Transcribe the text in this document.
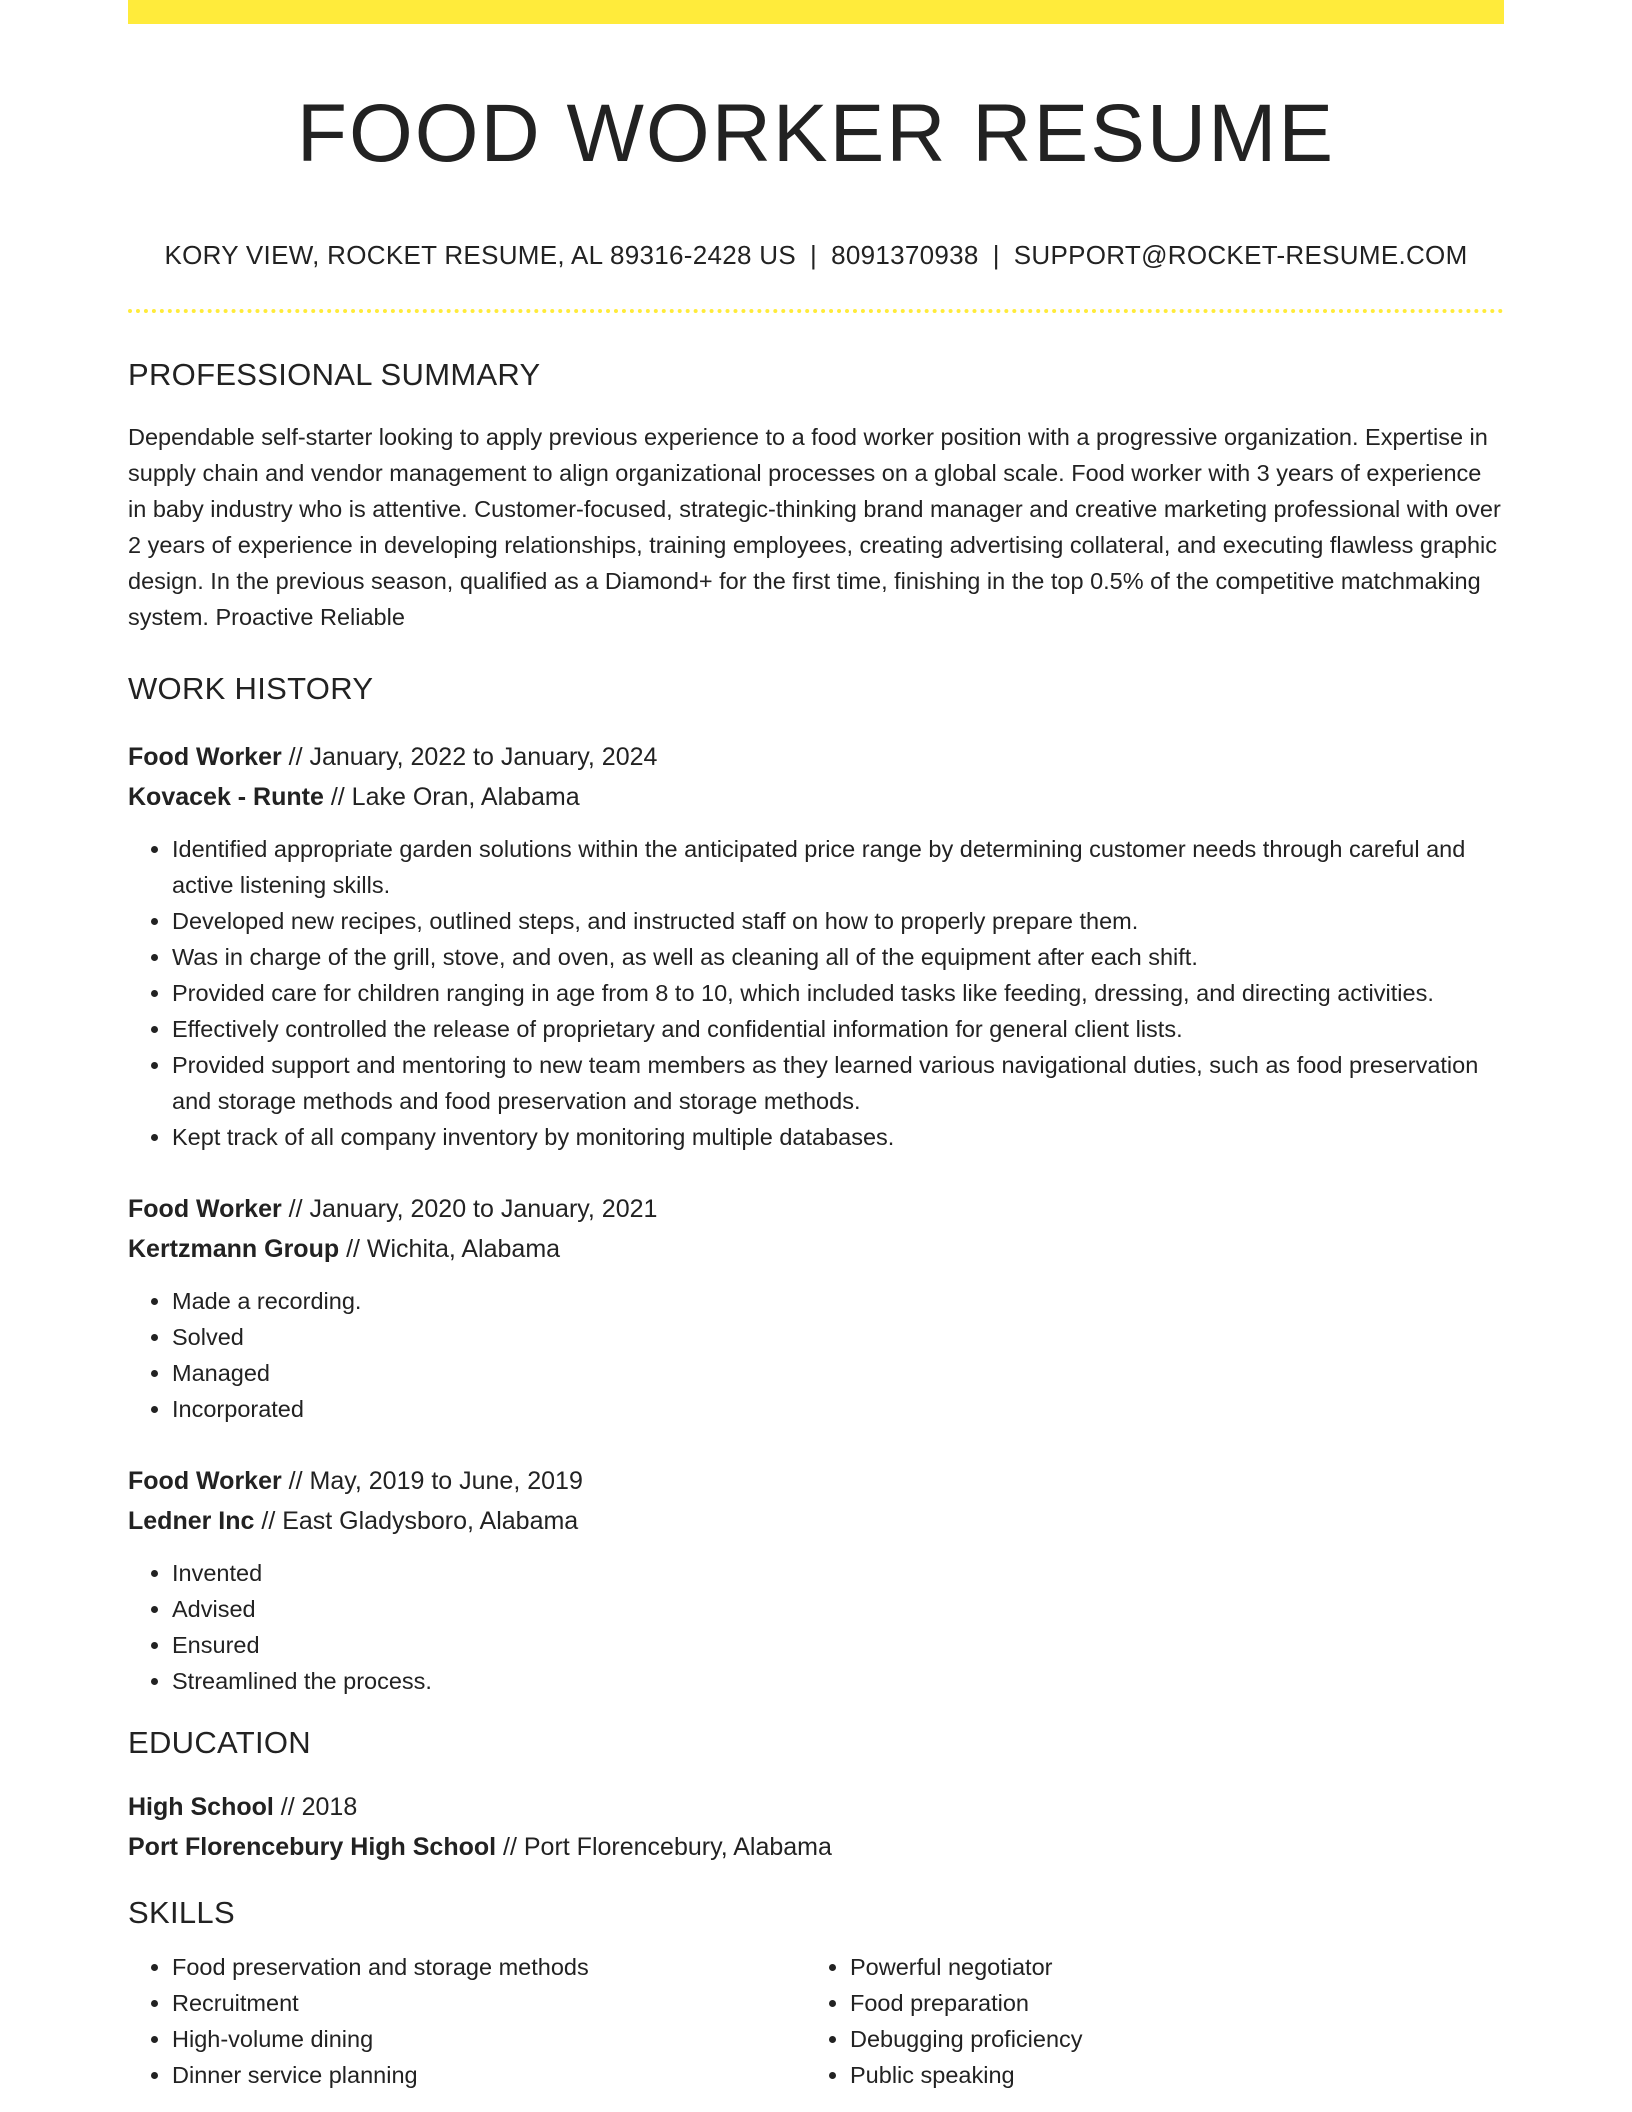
FOOD WORKER RESUME
KORY VIEW, ROCKET RESUME, AL 89316-2428 US | 8091370938 | SUPPORT@ROCKET-RESUME.COM
PROFESSIONAL SUMMARY

Dependable self-starter looking to apply previous experience to a food worker position with a progressive organization. Expertise in supply chain and vendor management to align organizational processes on a global scale. Food worker with 3 years of experience in baby industry who is attentive. Customer-focused, strategic-thinking brand manager and creative marketing professional with over 2 years of experience in developing relationships, training employees, creating advertising collateral, and executing flawless graphic design. In the previous season, qualified as a Diamond+ for the first time, finishing in the top 0.5% of the competitive matchmaking system. Proactive Reliable

WORK HISTORY
Food Worker // January, 2022 to January, 2024
Kovacek - Runte // Lake Oran, Alabama
• Identified appropriate garden solutions within the anticipated price range by determining customer needs through careful and active listening skills.
• Developed new recipes, outlined steps, and instructed staff on how to properly prepare them.
• Was in charge of the grill, stove, and oven, as well as cleaning all of the equipment after each shift.
• Provided care for children ranging in age from 8 to 10, which included tasks like feeding, dressing, and directing activities.
• Effectively controlled the release of proprietary and confidential information for general client lists.
• Provided support and mentoring to new team members as they learned various navigational duties, such as food preservation and storage methods and food preservation and storage methods.
• Kept track of all company inventory by monitoring multiple databases.
Food Worker // January, 2020 to January, 2021
Kertzmann Group // Wichita, Alabama
• Made a recording.
• Solved
• Managed
• Incorporated
Food Worker // May, 2019 to June, 2019
Ledner Inc // East Gladysboro, Alabama
• Invented
• Advised
• Ensured
• Streamlined the process.
EDUCATION
High School // 2018
Port Florencebury High School // Port Florencebury, Alabama
SKILLS
• Food preservation and storage methods
• Recruitment
• High-volume dining
• Dinner service planning
• Powerful negotiator
• Food preparation
• Debugging proficiency
• Public speaking
